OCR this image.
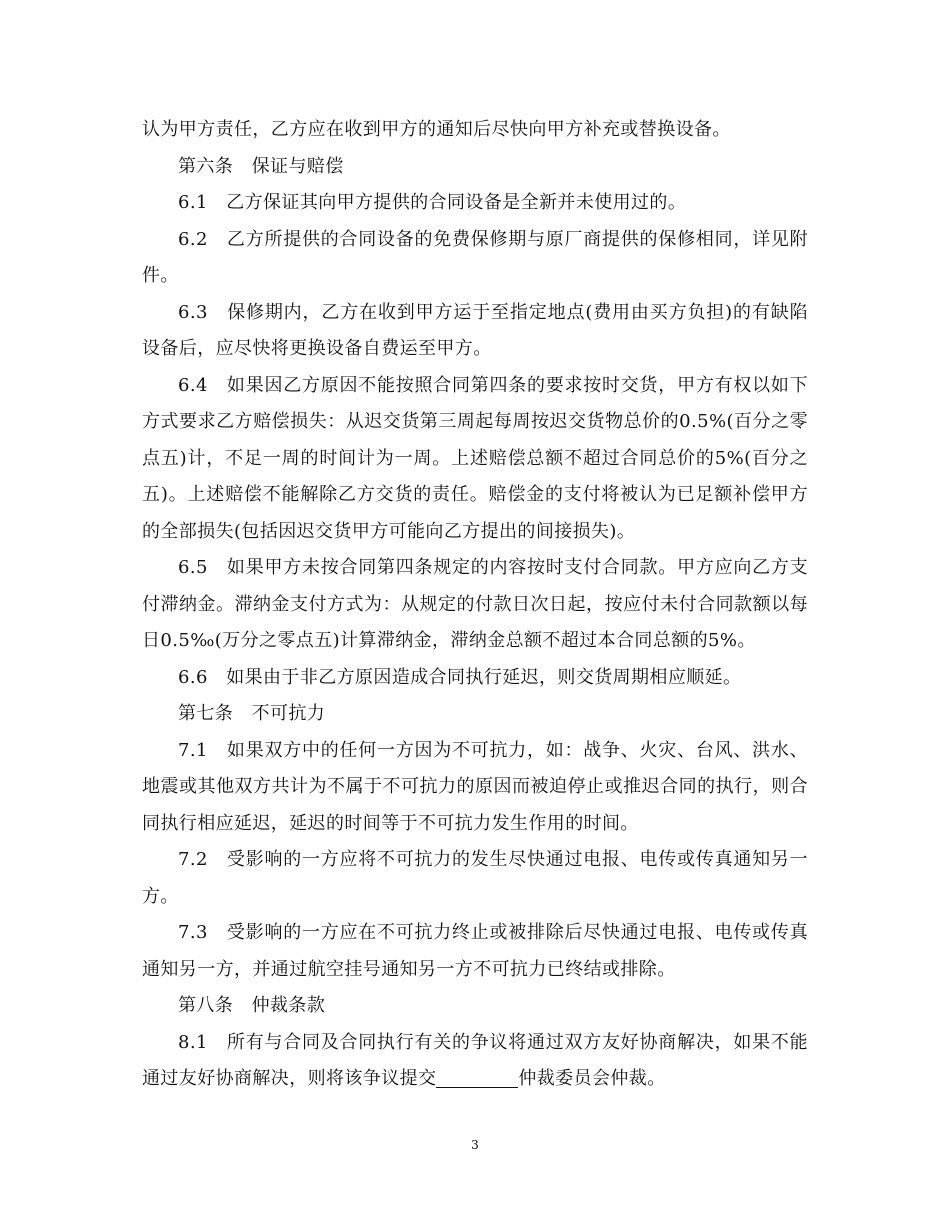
认为甲方责任，乙方应在收到甲方的通知后尽快向甲方补充或替换设备。

第六条　保证与赔偿

6.1　乙方保证其向甲方提供的合同设备是全新并未使用过的。

6.2　乙方所提供的合同设备的免费保修期与原厂商提供的保修相同，详见附件。

6.3　保修期内，乙方在收到甲方运于至指定地点(费用由买方负担)的有缺陷设备后，应尽快将更换设备自费运至甲方。

6.4　如果因乙方原因不能按照合同第四条的要求按时交货，甲方有权以如下方式要求乙方赔偿损失：从迟交货第三周起每周按迟交货物总价的0.5%(百分之零点五)计，不足一周的时间计为一周。上述赔偿总额不超过合同总价的5%(百分之五)。上述赔偿不能解除乙方交货的责任。赔偿金的支付将被认为已足额补偿甲方的全部损失(包括因迟交货甲方可能向乙方提出的间接损失)。

6.5　如果甲方未按合同第四条规定的内容按时支付合同款。甲方应向乙方支付滞纳金。滞纳金支付方式为：从规定的付款日次日起，按应付未付合同款额以每日0.5‰(万分之零点五)计算滞纳金，滞纳金总额不超过本合同总额的5%。

6.6　如果由于非乙方原因造成合同执行延迟，则交货周期相应顺延。

第七条　不可抗力

7.1　如果双方中的任何一方因为不可抗力，如：战争、火灾、台风、洪水、地震或其他双方共计为不属于不可抗力的原因而被迫停止或推迟合同的执行，则合同执行相应延迟，延迟的时间等于不可抗力发生作用的时间。

7.2　受影响的一方应将不可抗力的发生尽快通过电报、电传或传真通知另一方。

7.3　受影响的一方应在不可抗力终止或被排除后尽快通过电报、电传或传真通知另一方，并通过航空挂号通知另一方不可抗力已终结或排除。

第八条　仲裁条款

8.1　所有与合同及合同执行有关的争议将通过双方友好协商解决，如果不能通过友好协商解决，则将该争议提交	仲裁委员会仲裁。

3
